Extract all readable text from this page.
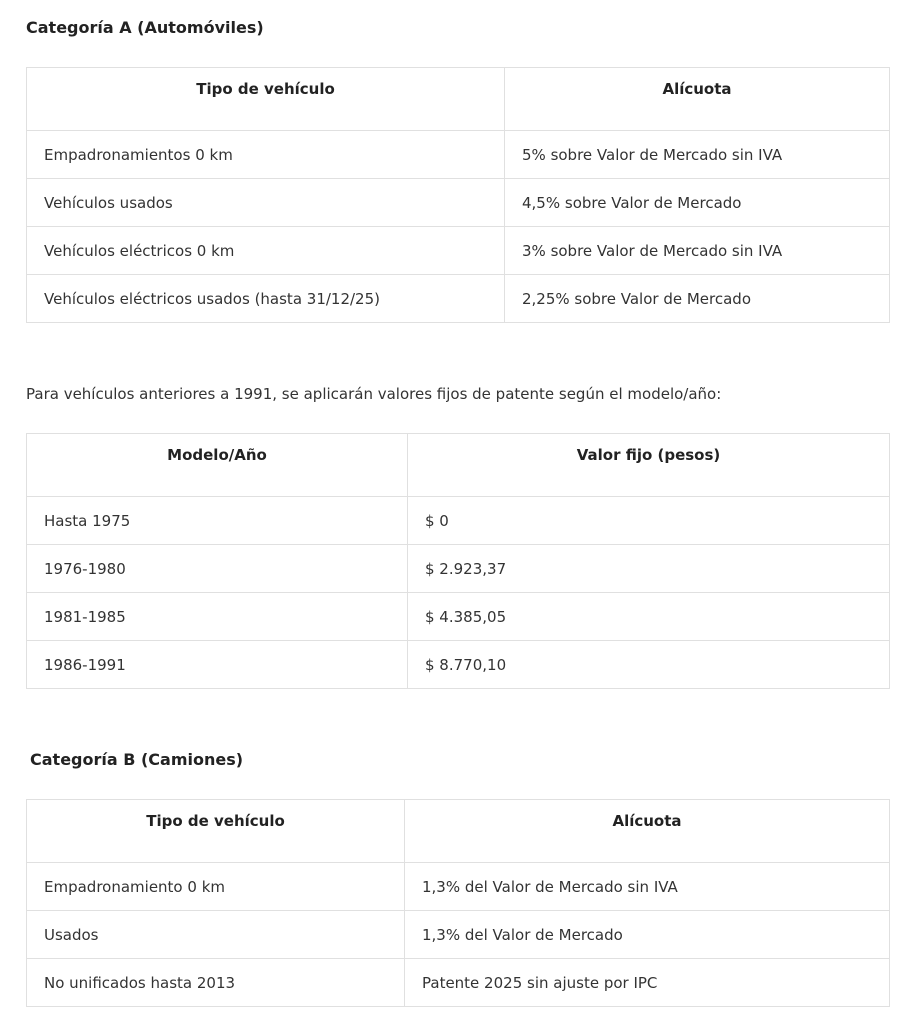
Categoría A (Automóviles)
Tipo de vehículo	Alícuota
Empadronamientos 0 km	5% sobre Valor de Mercado sin IVA
Vehículos usados	4,5% sobre Valor de Mercado
Vehículos eléctricos 0 km	3% sobre Valor de Mercado sin IVA
Vehículos eléctricos usados (hasta 31/12/25)	2,25% sobre Valor de Mercado

Para vehículos anteriores a 1991, se aplicarán valores fijos de patente según el modelo/año:

Modelo/Año	Valor fijo (pesos)
Hasta 1975	$ 0
1976-1980	$ 2.923,37
1981-1985	$ 4.385,05
1986-1991	$ 8.770,10
Categoría B (Camiones)
Tipo de vehículo	Alícuota
Empadronamiento 0 km	1,3% del Valor de Mercado sin IVA
Usados	1,3% del Valor de Mercado
No unificados hasta 2013	Patente 2025 sin ajuste por IPC
